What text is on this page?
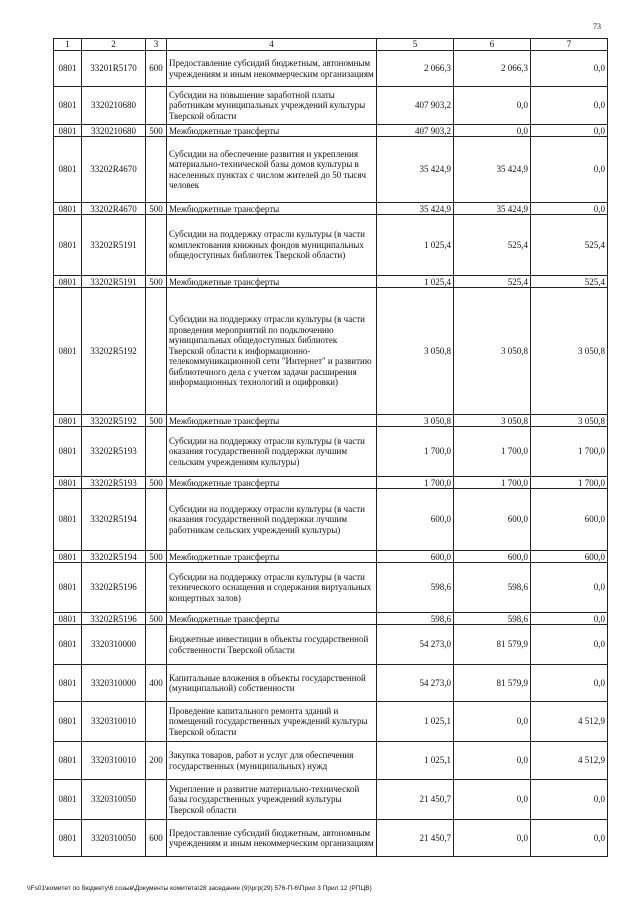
73
1	2	3	4	5	6	7
0801	33201R5170	600	Предоставление субсидий бюджетным, автономным учреждениям и иным некоммерческим организациям	2 066,3	2 066,3	0,0
0801	3320210680		Субсидии на повышение заработной платы работникам муниципальных учреждений культуры Тверской области	407 903,2	0,0	0,0
0801	3320210680	500	Межбюджетные трансферты	407 903,2	0,0	0,0
0801	33202R4670		Субсидии на обеспечение развития и укрепления материально-технической базы домов культуры в населенных пунктах с числом жителей до 50 тысяч человек	35 424,9	35 424,9	0,0
0801	33202R4670	500	Межбюджетные трансферты	35 424,9	35 424,9	0,0
0801	33202R5191		Субсидии на поддержку отрасли культуры (в части комплектования книжных фондов муниципальных общедоступных библиотек Тверской области)	1 025,4	525,4	525,4
0801	33202R5191	500	Межбюджетные трансферты	1 025,4	525,4	525,4
0801	33202R5192		Субсидии на поддержку отрасли культуры (в части проведения мероприятий по подключению муниципальных общедоступных библиотек Тверской области к информационно-телекоммуникационной сети "Интернет" и развитию библиотечного дела с учетом задачи расширения информационных технологий и оцифровки)	3 050,8	3 050,8	3 050,8
0801	33202R5192	500	Межбюджетные трансферты	3 050,8	3 050,8	3 050,8
0801	33202R5193		Субсидии на поддержку отрасли культуры (в части оказания государственной поддержки лучшим сельским учреждениям культуры)	1 700,0	1 700,0	1 700,0
0801	33202R5193	500	Межбюджетные трансферты	1 700,0	1 700,0	1 700,0
0801	33202R5194		Субсидии на поддержку отрасли культуры (в части оказания государственной поддержки лучшим работникам сельских учреждений культуры)	600,0	600,0	600,0
0801	33202R5194	500	Межбюджетные трансферты	600,0	600,0	600,0
0801	33202R5196		Субсидии на поддержку отрасли культуры (в части технического оснащения и содержания виртуальных концертных залов)	598,6	598,6	0,0
0801	33202R5196	500	Межбюджетные трансферты	598,6	598,6	0,0
0801	3320310000		Бюджетные инвестиции в объекты государственной собственности Тверской области	54 273,0	81 579,9	0,0
0801	3320310000	400	Капитальные вложения в объекты государственной (муниципальной) собственности	54 273,0	81 579,9	0,0
0801	3320310010		Проведение капитального ремонта зданий и помещений государственных учреждений культуры Тверской области	1 025,1	0,0	4 512,9
0801	3320310010	200	Закупка товаров, работ и услуг для обеспечения государственных (муниципальных) нужд	1 025,1	0,0	4 512,9
0801	3320310050		Укрепление и развитие материально-технической базы государственных учреждений культуры Тверской области	21 450,7	0,0	0,0
0801	3320310050	600	Предоставление субсидий бюджетным, автономным учреждениям и иным некоммерческим организациям	21 450,7	0,0	0,0
\\Fs01\комитет по бюджету\6 созыв\Документы комитета\28 заседание (9)\ргр(29) 576-П-6\Прил 3 Прил 12 (РПЦВ)
